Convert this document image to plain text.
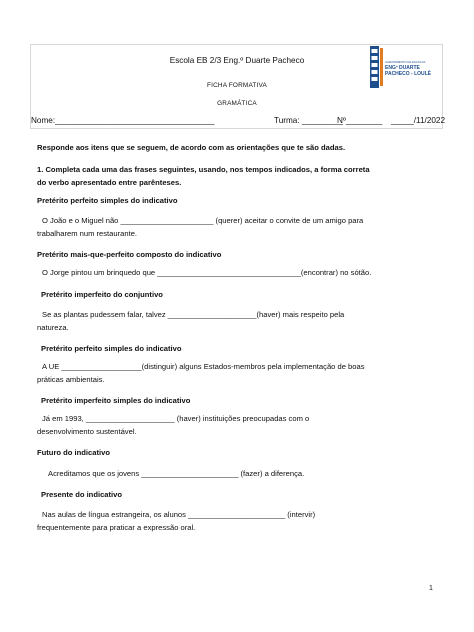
Escola EB 2/3 Eng.º Duarte Pacheco
FICHA FORMATIVA
GRAMÁTICA
AGRUPAMENTO DE ESCOLAS
ENGº DUARTE
PACHECO - LOULÉ
Nome:___________________________________	Turma: _________
Nº________ _____/11/2022
Responde aos itens que se seguem, de acordo com as orientações que te são dadas.
1. Completa cada uma das frases seguintes, usando, nos tempos indicados, a forma correta
do verbo apresentado entre parênteses.
Pretérito perfeito simples do indicativo
O João e o Miguel não ______________________ (querer) aceitar o convite de um amigo para
trabalharem num restaurante.
Pretérito mais-que-perfeito composto do indicativo
O Jorge pintou um brinquedo que __________________________________(encontrar) no sótão.
Pretérito imperfeito do conjuntivo
Se as plantas pudessem falar, talvez _____________________(haver) mais respeito pela
natureza.
Pretérito perfeito simples do indicativo
A UE ___________________(distinguir) alguns Estados-membros pela implementação de boas
práticas ambientais.
Pretérito imperfeito simples do indicativo
Já em 1993, _____________________ (haver) instituições preocupadas com o
desenvolvimento sustentável.
Futuro do indicativo
Acreditamos que os jovens _______________________ (fazer) a diferença.
Presente do indicativo
Nas aulas de língua estrangeira, os alunos _______________________ (intervir)
frequentemente para praticar a expressão oral.
1
